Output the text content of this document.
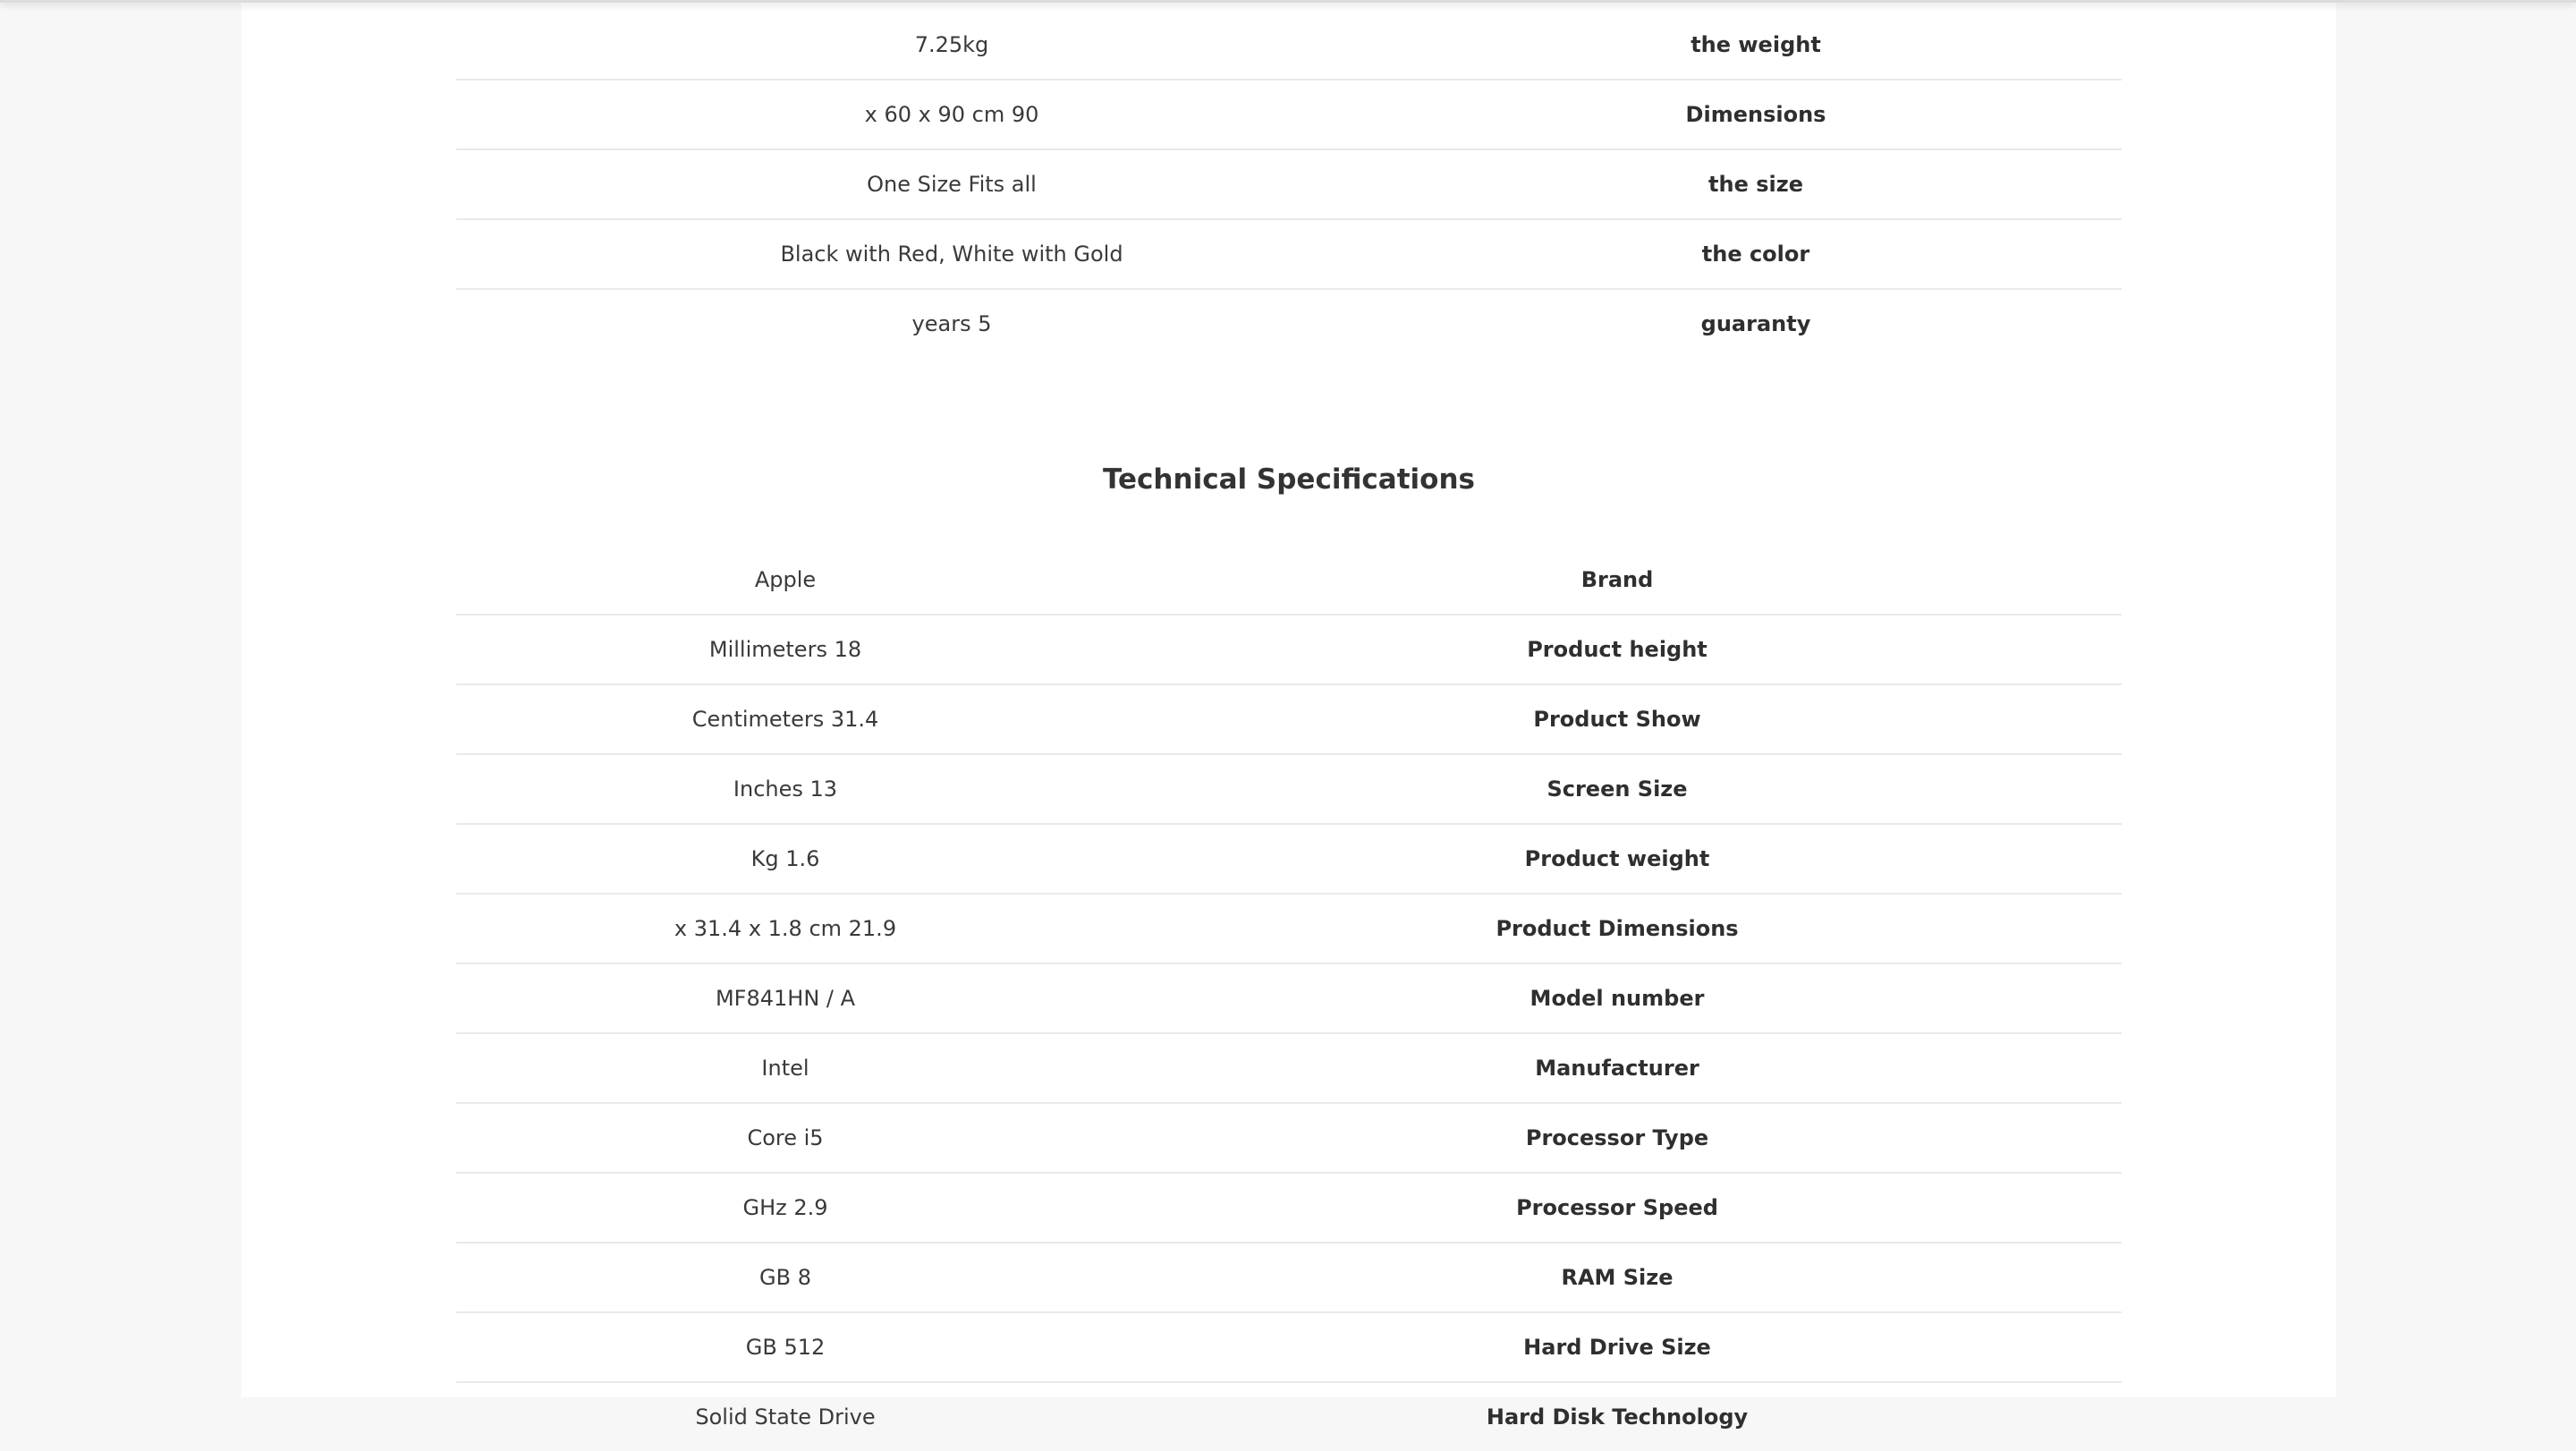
7.25kg	the weight
x 60 x 90 cm 90	Dimensions
One Size Fits all	the size
Black with Red, White with Gold	the color
years 5	guaranty
Technical Specifications
Apple	Brand
Millimeters 18	Product height
Centimeters 31.4	Product Show
Inches 13	Screen Size
Kg 1.6	Product weight
x 31.4 x 1.8 cm 21.9	Product Dimensions
MF841HN / A	Model number
Intel	Manufacturer
Core i5	Processor Type
GHz 2.9	Processor Speed
GB 8	RAM Size
GB 512	Hard Drive Size
Solid State Drive	Hard Disk Technology
